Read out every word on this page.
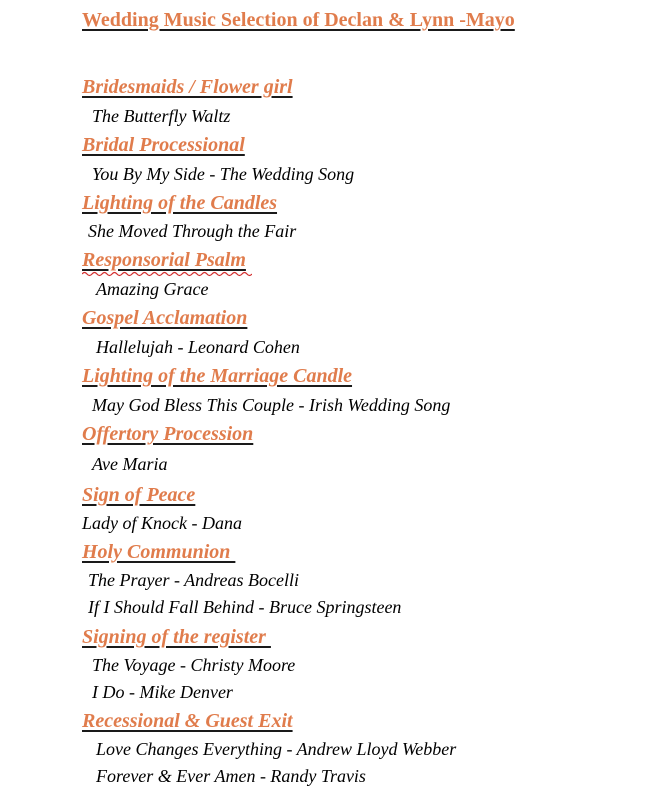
Wedding Music Selection of Declan & Lynn -Mayo
Bridesmaids / Flower girl
The Butterfly Waltz
Bridal Processional
You By My Side - The Wedding Song
Lighting of the Candles
She Moved Through the Fair
Responsorial Psalm
Amazing Grace
Gospel Acclamation
Hallelujah - Leonard Cohen
Lighting of the Marriage Candle
May God Bless This Couple - Irish Wedding Song
Offertory Procession
Ave Maria
Sign of Peace
Lady of Knock - Dana
Holy Communion
The Prayer - Andreas Bocelli
If I Should Fall Behind - Bruce Springsteen
Signing of the register
The Voyage - Christy Moore
I Do - Mike Denver
Recessional & Guest Exit
Love Changes Everything - Andrew Lloyd Webber
Forever & Ever Amen - Randy Travis
